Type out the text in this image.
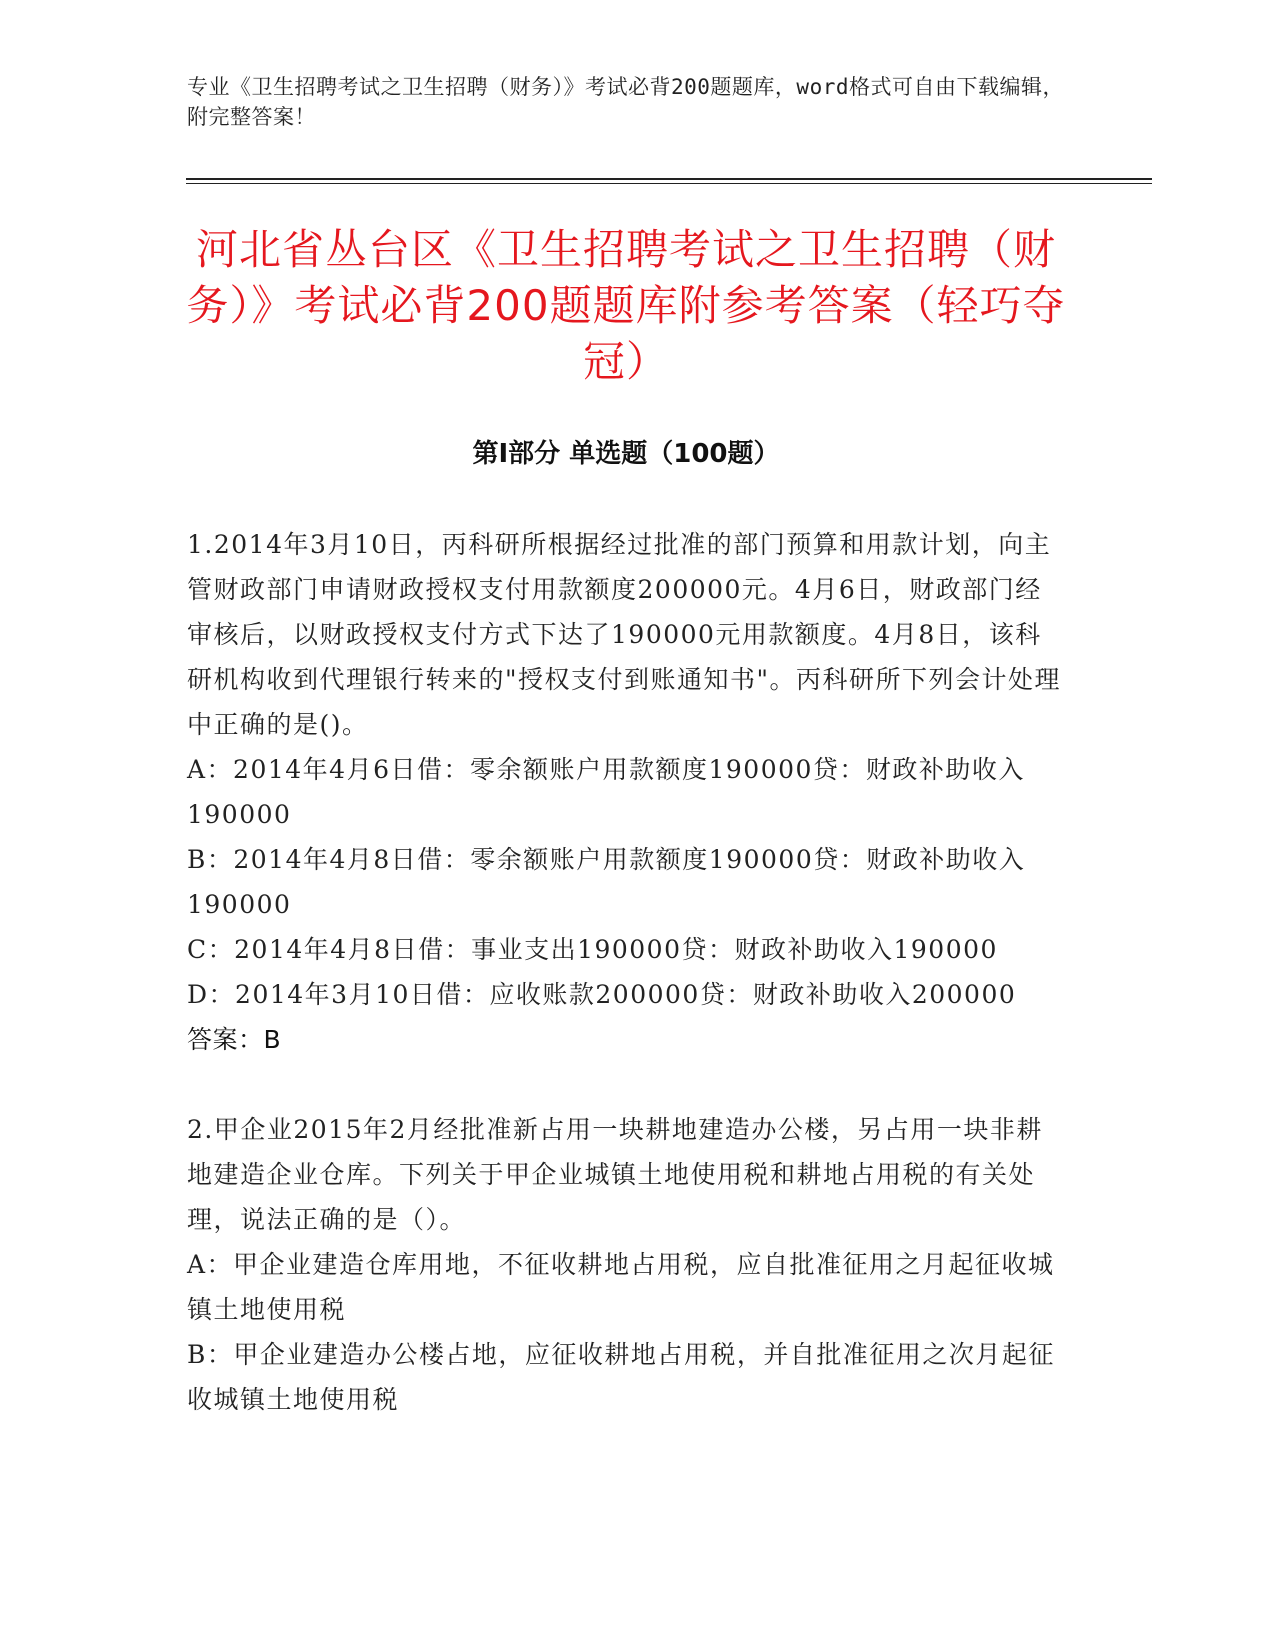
专业《卫生招聘考试之卫生招聘（财务）》考试必背200题题库，word格式可自由下载编辑，附完整答案！
河北省丛台区《卫生招聘考试之卫生招聘（财务）》考试必背200题题库附参考答案（轻巧夺冠）
第I部分 单选题（100题）

1.2014年3月10日，丙科研所根据经过批准的部门预算和用款计划，向主管财政部门申请财政授权支付用款额度200000元。4月6日，财政部门经审核后，以财政授权支付方式下达了190000元用款额度。4月8日，该科研机构收到代理银行转来的"授权支付到账通知书"。丙科研所下列会计处理中正确的是()。

A：2014年4月6日借：零余额账户用款额度190000贷：财政补助收入190000

B：2014年4月8日借：零余额账户用款额度190000贷：财政补助收入190000

C：2014年4月8日借：事业支出190000贷：财政补助收入190000

D：2014年3月10日借：应收账款200000贷：财政补助收入200000

答案：B

2.甲企业2015年2月经批准新占用一块耕地建造办公楼，另占用一块非耕地建造企业仓库。下列关于甲企业城镇土地使用税和耕地占用税的有关处理，说法正确的是（）。

A：甲企业建造仓库用地，不征收耕地占用税，应自批准征用之月起征收城镇土地使用税

B：甲企业建造办公楼占地，应征收耕地占用税，并自批准征用之次月起征收城镇土地使用税
